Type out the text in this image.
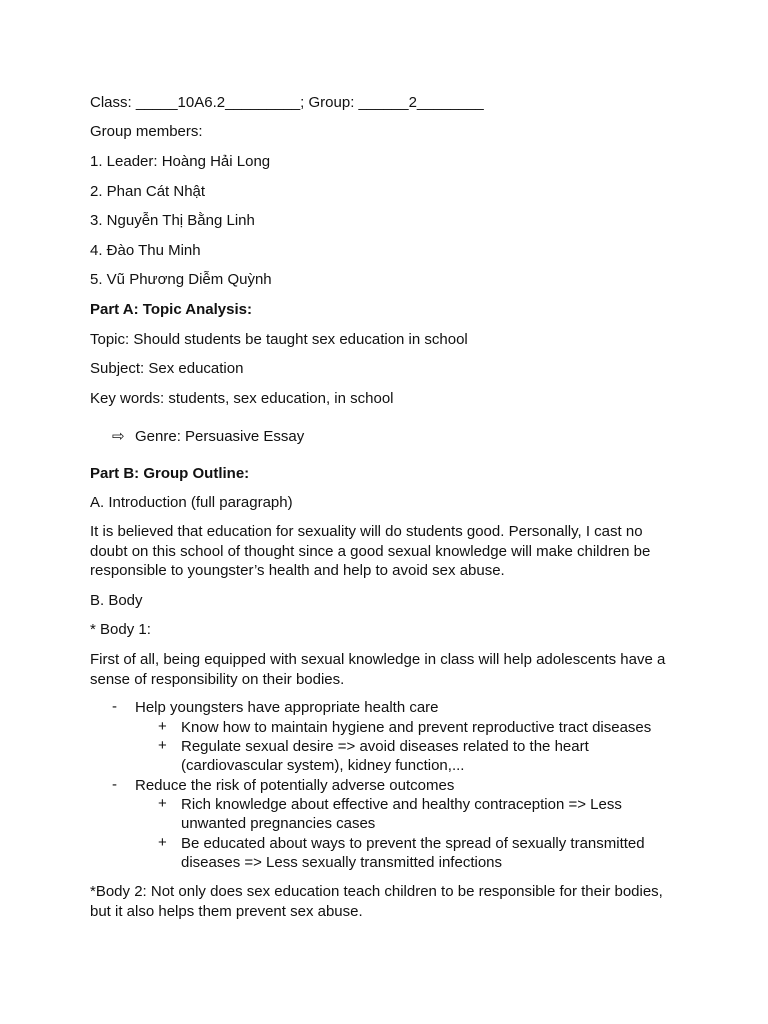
Class: _____10A6.2_________; Group: ______2________
Group members:
1. Leader: Hoàng Hải Long
2. Phan Cát Nhật
3. Nguyễn Thị Bằng Linh
4. Đào Thu Minh
5. Vũ Phương Diễm Quỳnh
Part A: Topic Analysis:
Topic: Should students be taught sex education in school
Subject: Sex education
Key words: students, sex education, in school
⇨ Genre: Persuasive Essay
Part B: Group Outline:
A. Introduction (full paragraph)
It is believed that education for sexuality will do students good. Personally, I cast no doubt on this school of thought since a good sexual knowledge will make children be responsible to youngster’s health and help to avoid sex abuse.
B. Body
* Body 1:
First of all, being equipped with sexual knowledge in class will help adolescents have a sense of responsibility on their bodies.
- Help youngsters have appropriate health care
+ Know how to maintain hygiene and prevent reproductive tract diseases
+ Regulate sexual desire => avoid diseases related to the heart (cardiovascular system), kidney function,...
- Reduce the risk of potentially adverse outcomes
+ Rich knowledge about effective and healthy contraception => Less unwanted pregnancies cases
+ Be educated about ways to prevent the spread of sexually transmitted diseases => Less sexually transmitted infections
*Body 2: Not only does sex education teach children to be responsible for their bodies, but it also helps them prevent sex abuse.
